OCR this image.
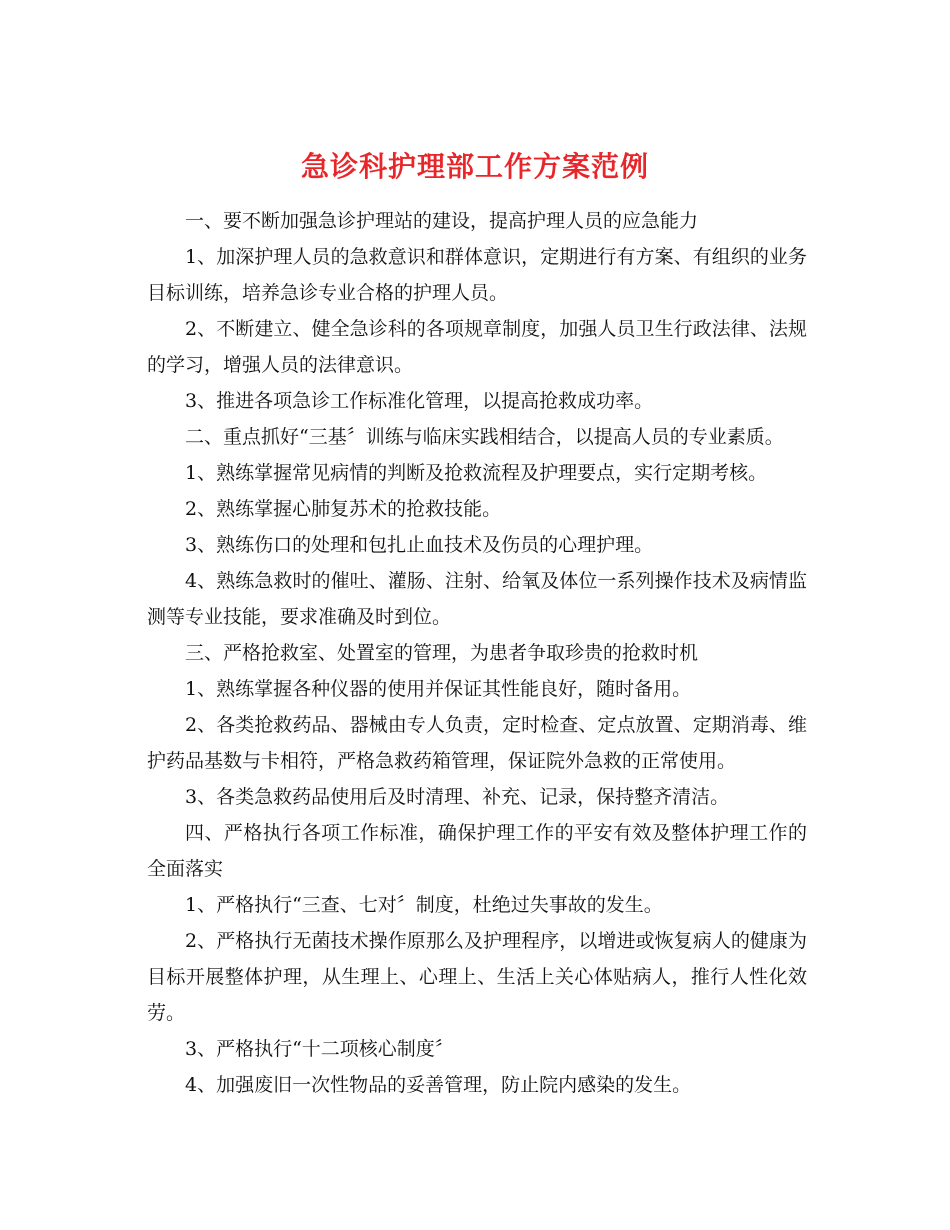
急诊科护理部工作方案范例

一、要不断加强急诊护理站的建设，提高护理人员的应急能力

1、加深护理人员的急救意识和群体意识，定期进行有方案、有组织的业务目标训练，培养急诊专业合格的护理人员。

2、不断建立、健全急诊科的各项规章制度，加强人员卫生行政法律、法规的学习，增强人员的法律意识。

3、推进各项急诊工作标准化管理，以提高抢救成功率。

二、重点抓好“三基〞训练与临床实践相结合，以提高人员的专业素质。

1、熟练掌握常见病情的判断及抢救流程及护理要点，实行定期考核。

2、熟练掌握心肺复苏术的抢救技能。

3、熟练伤口的处理和包扎止血技术及伤员的心理护理。

4、熟练急救时的催吐、灌肠、注射、给氧及体位一系列操作技术及病情监测等专业技能，要求准确及时到位。

三、严格抢救室、处置室的管理，为患者争取珍贵的抢救时机

1、熟练掌握各种仪器的使用并保证其性能良好，随时备用。

2、各类抢救药品、器械由专人负责，定时检查、定点放置、定期消毒、维护药品基数与卡相符，严格急救药箱管理，保证院外急救的正常使用。

3、各类急救药品使用后及时清理、补充、记录，保持整齐清洁。

四、严格执行各项工作标准，确保护理工作的平安有效及整体护理工作的全面落实

1、严格执行“三查、七对〞制度，杜绝过失事故的发生。

2、严格执行无菌技术操作原那么及护理程序，以增进或恢复病人的健康为目标开展整体护理，从生理上、心理上、生活上关心体贴病人，推行人性化效劳。

3、严格执行“十二项核心制度〞

4、加强废旧一次性物品的妥善管理，防止院内感染的发生。
